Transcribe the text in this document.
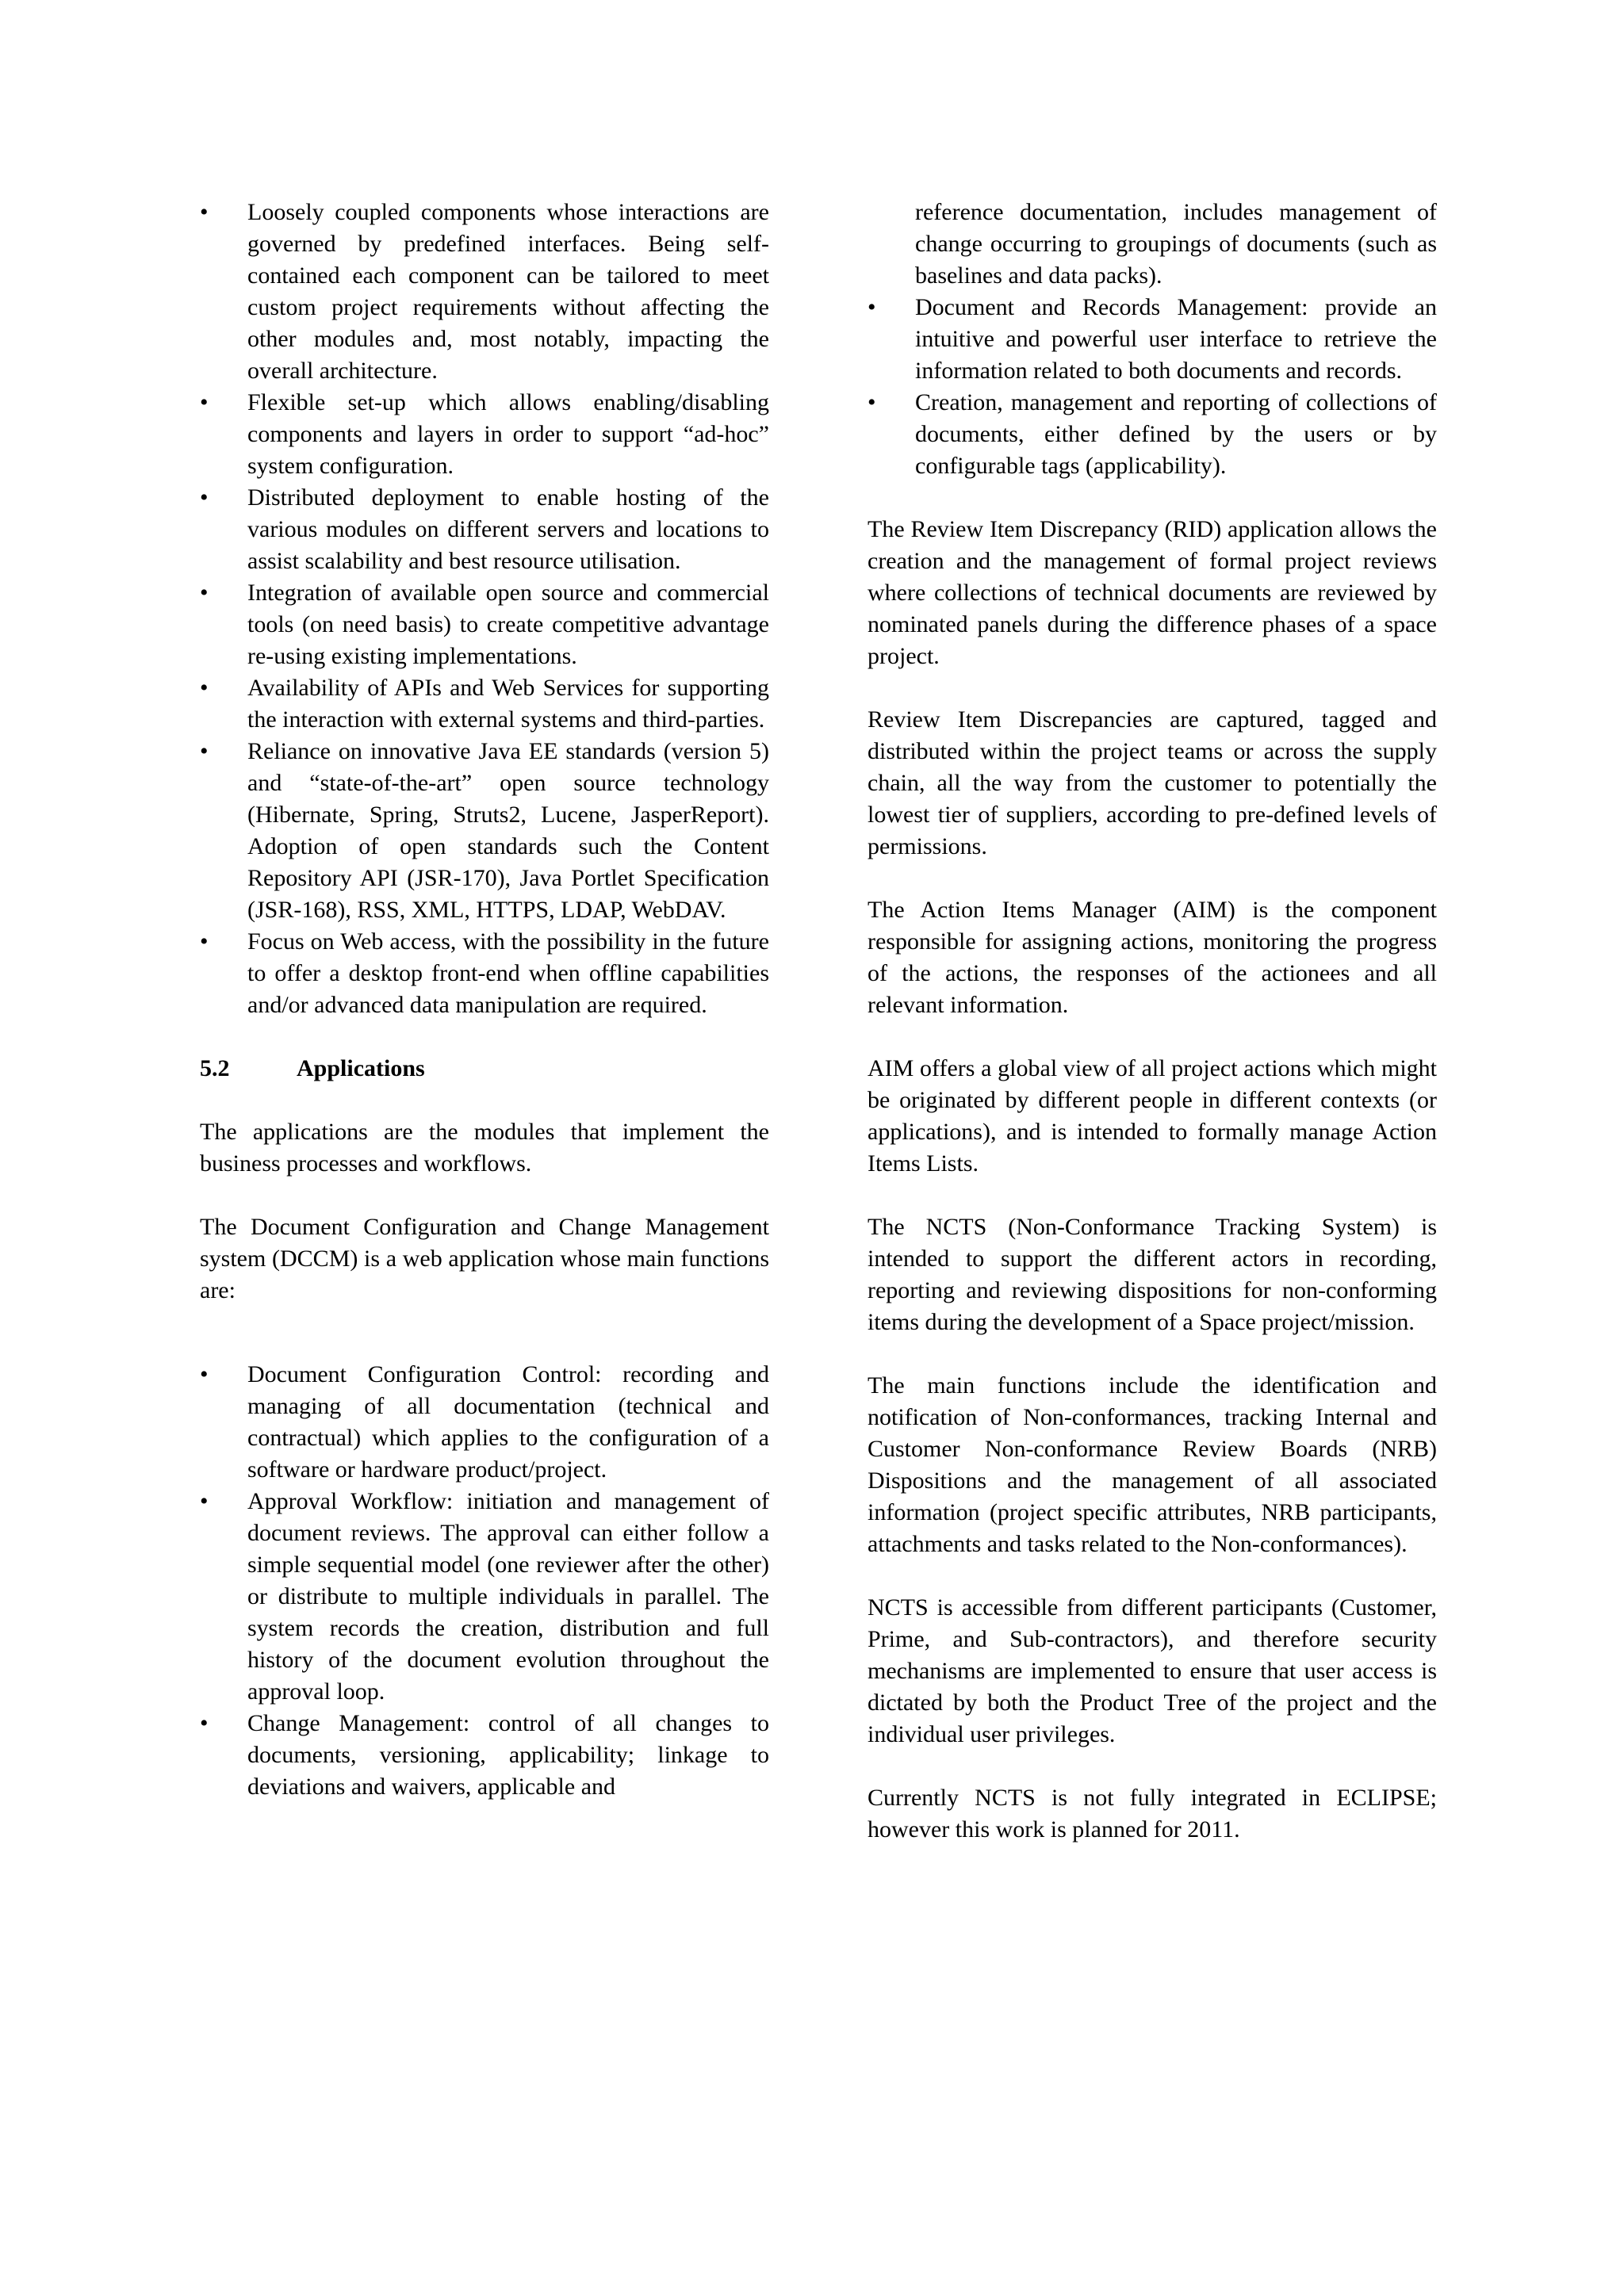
•	Loosely coupled components whose interactions are governed by predefined interfaces. Being self-contained each component can be tailored to meet custom project requirements without affecting the other modules and, most notably, impacting the overall architecture.
•	Flexible set-up which allows enabling/disabling components and layers in order to support “ad-hoc” system configuration.
•	Distributed deployment to enable hosting of the various modules on different servers and locations to assist scalability and best resource utilisation.
•	Integration of available open source and commercial tools (on need basis) to create competitive advantage re-using existing implementations.
•	Availability of APIs and Web Services for supporting the interaction with external systems and third-parties.
•	Reliance on innovative Java EE standards (version 5) and “state-of-the-art” open source technology (Hibernate, Spring, Struts2, Lucene, JasperReport). Adoption of open standards such the Content Repository API (JSR-170), Java Portlet Specification (JSR-168), RSS, XML, HTTPS, LDAP, WebDAV.
•	Focus on Web access, with the possibility in the future to offer a desktop front-end when offline capabilities and/or advanced data manipulation are required.
5.2	Applications

The applications are the modules that implement the business processes and workflows.

The Document Configuration and Change Management system (DCCM) is a web application whose main functions are:

•	Document Configuration Control: recording and managing of all documentation (technical and contractual) which applies to the configuration of a software or hardware product/project.
•	Approval Workflow: initiation and management of document reviews. The approval can either follow a simple sequential model (one reviewer after the other) or distribute to multiple individuals in parallel. The system records the creation, distribution and full history of the document evolution throughout the approval loop.
•	Change Management: control of all changes to documents, versioning, applicability; linkage to deviations and waivers, applicable and

reference documentation, includes management of change occurring to groupings of documents (such as baselines and data packs).

•	Document and Records Management: provide an intuitive and powerful user interface to retrieve the information related to both documents and records.
•	Creation, management and reporting of collections of documents, either defined by the users or by configurable tags (applicability).

The Review Item Discrepancy (RID) application allows the creation and the management of formal project reviews where collections of technical documents are reviewed by nominated panels during the difference phases of a space project.

Review Item Discrepancies are captured, tagged and distributed within the project teams or across the supply chain, all the way from the customer to potentially the lowest tier of suppliers, according to pre-defined levels of permissions.

The Action Items Manager (AIM) is the component responsible for assigning actions, monitoring the progress of the actions, the responses of the actionees and all relevant information.

AIM offers a global view of all project actions which might be originated by different people in different contexts (or applications), and is intended to formally manage Action Items Lists.

The NCTS (Non-Conformance Tracking System) is intended to support the different actors in recording, reporting and reviewing dispositions for non-conforming items during the development of a Space project/mission.

The main functions include the identification and notification of Non-conformances, tracking Internal and Customer Non-conformance Review Boards (NRB) Dispositions and the management of all associated information (project specific attributes, NRB participants, attachments and tasks related to the Non-conformances).

NCTS is accessible from different participants (Customer, Prime, and Sub-contractors), and therefore security mechanisms are implemented to ensure that user access is dictated by both the Product Tree of the project and the individual user privileges.

Currently NCTS is not fully integrated in ECLIPSE; however this work is planned for 2011.
